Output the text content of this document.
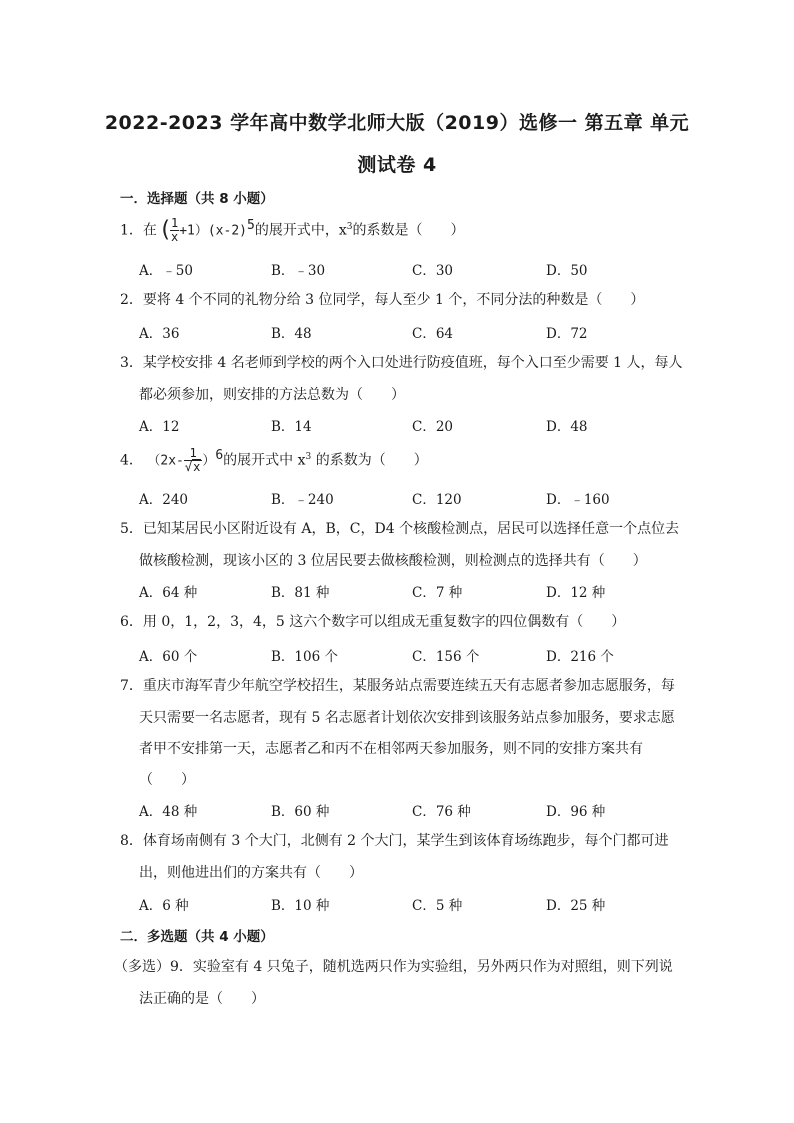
2022-2023 学年高中数学北师大版（2019）选修一 第五章 单元
测试卷 4
一．选择题（共 8 小题）
1．在 ( $\frac{1}{x} +1)(x-2)^5$的展开式中，$x^3$的系数是（　　）
A．﹣50	B．﹣30	C．30	D．50
2．要将 4 个不同的礼物分给 3 位同学，每人至少 1 个，不同分法的种数是（　　）
A．36	B．48	C．64	D．72
3．某学校安排 4 名老师到学校的两个入口处进行防疫值班，每个入口至少需要 1 人，每人
都必须参加，则安排的方法总数为（　　）
A．12	B．14	C．20	D．48
4． $(2x- \frac{1}{√x} )^6$的展开式中 $x^3$ 的系数为（　　）
A．240	B．﹣240	C．120	D．﹣160
5．已知某居民小区附近设有 A，B，C，D4 个核酸检测点，居民可以选择任意一个点位去
做核酸检测，现该小区的 3 位居民要去做核酸检测，则检测点的选择共有（　　）
A．64 种	B．81 种	C．7 种	D．12 种
6．用 0，1，2，3，4，5 这六个数字可以组成无重复数字的四位偶数有（　　）
A．60 个	B．106 个	C．156 个	D．216 个
7．重庆市海军青少年航空学校招生，某服务站点需要连续五天有志愿者参加志愿服务，每
天只需要一名志愿者，现有 5 名志愿者计划依次安排到该服务站点参加服务，要求志愿
者甲不安排第一天，志愿者乙和丙不在相邻两天参加服务，则不同的安排方案共有
（　　）
A．48 种	B．60 种	C．76 种	D．96 种
8．体育场南侧有 3 个大门，北侧有 2 个大门，某学生到该体育场练跑步，每个门都可进
出，则他进出们的方案共有（　　）
A．6 种	B．10 种	C．5 种	D．25 种
二．多选题（共 4 小题）
（多选）9．实验室有 4 只兔子，随机选两只作为实验组，另外两只作为对照组，则下列说
法正确的是（　　）
